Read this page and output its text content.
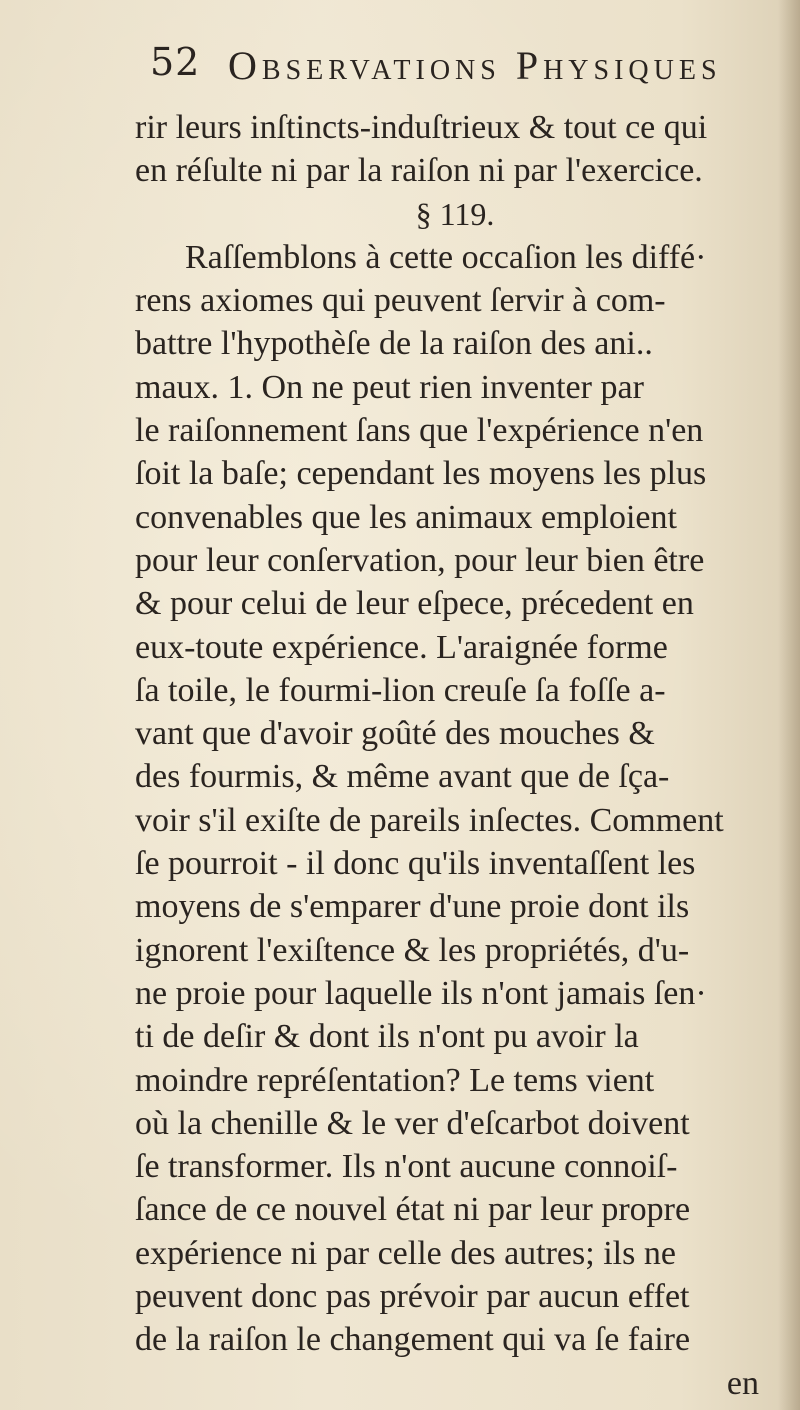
52 Observations Physiques
rir leurs inſtincts-induſtrieux & tout ce qui
en réſulte ni par la raiſon ni par l'exercice.
§ 119.
Raſſemblons à cette occaſion les diffé·
rens axiomes qui peuvent ſervir à com-
battre l'hypothèſe de la raiſon des ani..
maux. 1. On ne peut rien inventer par
le raiſonnement ſans que l'expérience n'en
ſoit la baſe; cependant les moyens les plus
convenables que les animaux emploient
pour leur conſervation, pour leur bien être
& pour celui de leur eſpece, précedent en
eux-toute expérience. L'araignée forme
ſa toile, le fourmi-lion creuſe ſa foſſe a-
vant que d'avoir goûté des mouches &
des fourmis, & même avant que de ſça-
voir s'il exiſte de pareils inſectes. Comment
ſe pourroit - il donc qu'ils inventaſſent les
moyens de s'emparer d'une proie dont ils
ignorent l'exiſtence & les propriétés, d'u-
ne proie pour laquelle ils n'ont jamais ſen·
ti de deſir & dont ils n'ont pu avoir la
moindre repréſentation? Le tems vient
où la chenille & le ver d'eſcarbot doivent
ſe transformer. Ils n'ont aucune connoiſ-
ſance de ce nouvel état ni par leur propre
expérience ni par celle des autres; ils ne
peuvent donc pas prévoir par aucun effet
de la raiſon le changement qui va ſe faire
en
